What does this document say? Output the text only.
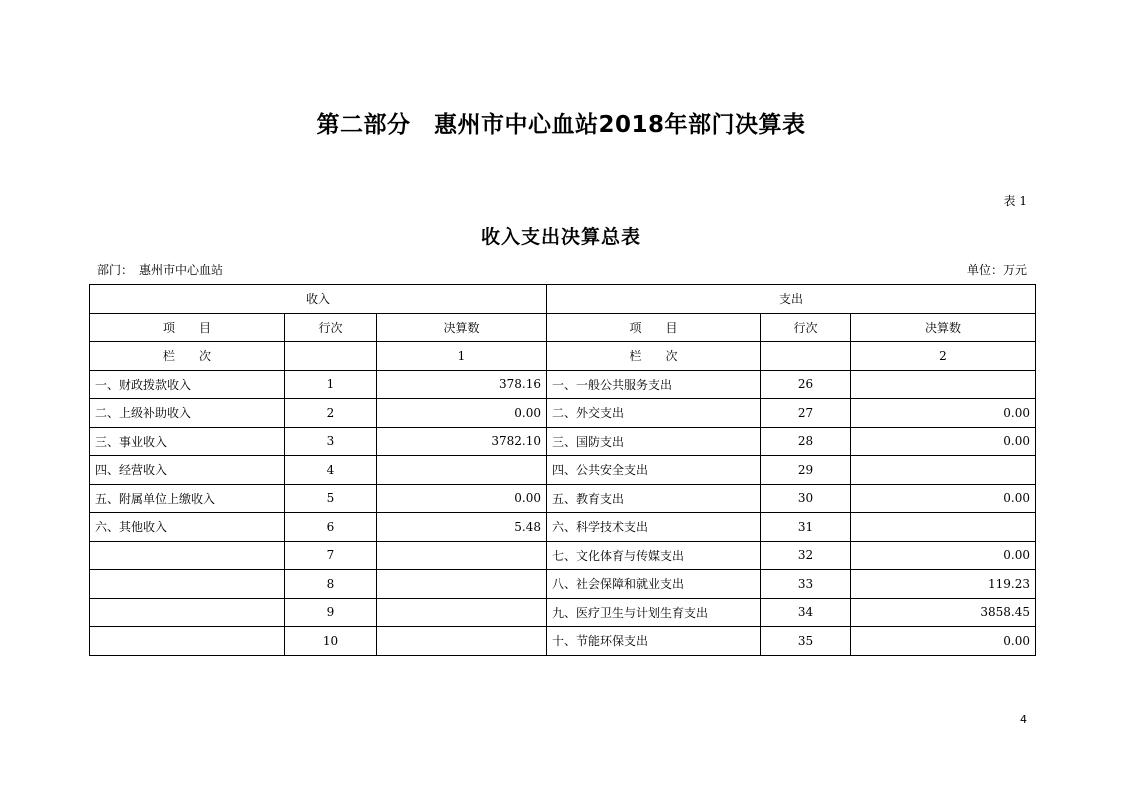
第二部分　惠州市中心血站2018年部门决算表
表 1
收入支出决算总表
部门：　惠州市中心血站	单位：万元
收入			支出		
项　　目	行次	决算数	项　　目	行次	决算数
栏　　次		1	栏　　次		2
一、财政拨款收入	1	378.16	一、一般公共服务支出	26	
二、上级补助收入	2	0.00	二、外交支出	27	0.00
三、事业收入	3	3782.10	三、国防支出	28	0.00
四、经营收入	4		四、公共安全支出	29	
五、附属单位上缴收入	5	0.00	五、教育支出	30	0.00
六、其他收入	6	5.48	六、科学技术支出	31	
	7		七、文化体育与传媒支出	32	0.00
	8		八、社会保障和就业支出	33	119.23
	9		九、医疗卫生与计划生育支出	34	3858.45
	10		十、节能环保支出	35	0.00
4
